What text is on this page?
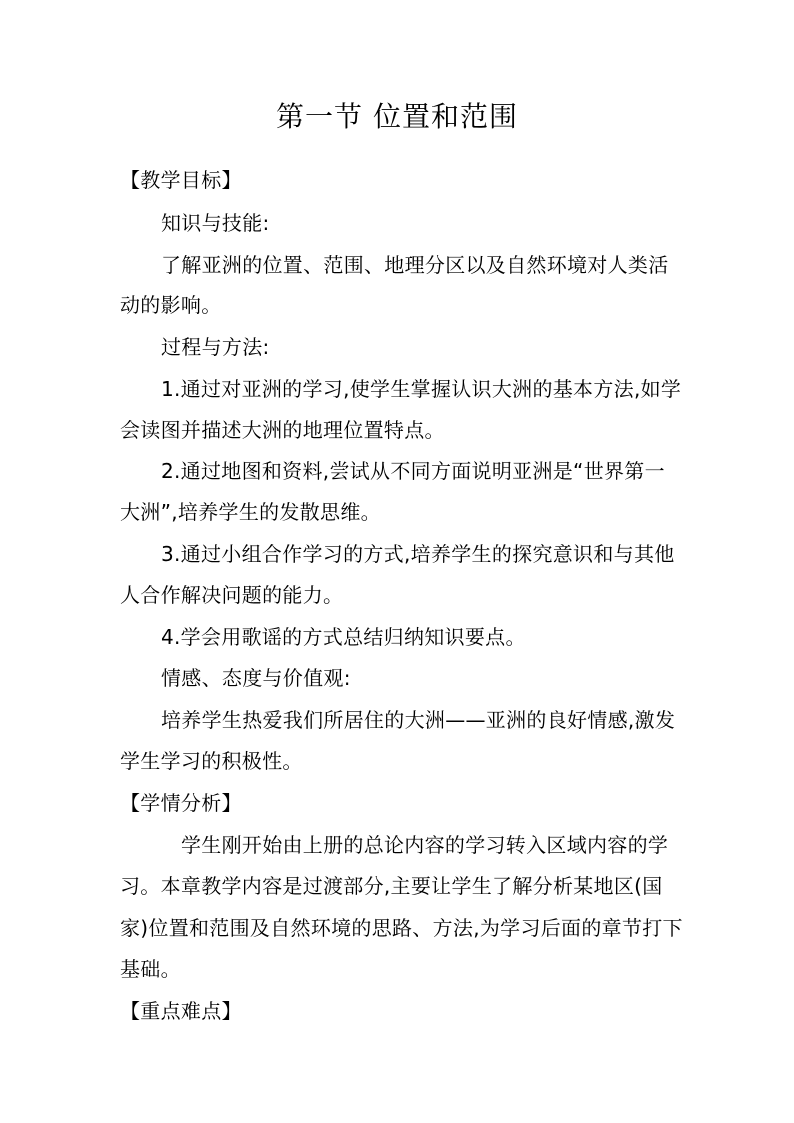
第一节 位置和范围
【教学目标】
知识与技能:
了解亚洲的位置、范围、地理分区以及自然环境对人类活
动的影响。
过程与方法:
1.通过对亚洲的学习,使学生掌握认识大洲的基本方法,如学
会读图并描述大洲的地理位置特点。
2.通过地图和资料,尝试从不同方面说明亚洲是“世界第一
大洲”,培养学生的发散思维。
3.通过小组合作学习的方式,培养学生的探究意识和与其他
人合作解决问题的能力。
4.学会用歌谣的方式总结归纳知识要点。
情感、态度与价值观:
培养学生热爱我们所居住的大洲——亚洲的良好情感,激发
学生学习的积极性。
【学情分析】
学生刚开始由上册的总论内容的学习转入区域内容的学
习。本章教学内容是过渡部分,主要让学生了解分析某地区(国
家)位置和范围及自然环境的思路、方法,为学习后面的章节打下
基础。
【重点难点】
